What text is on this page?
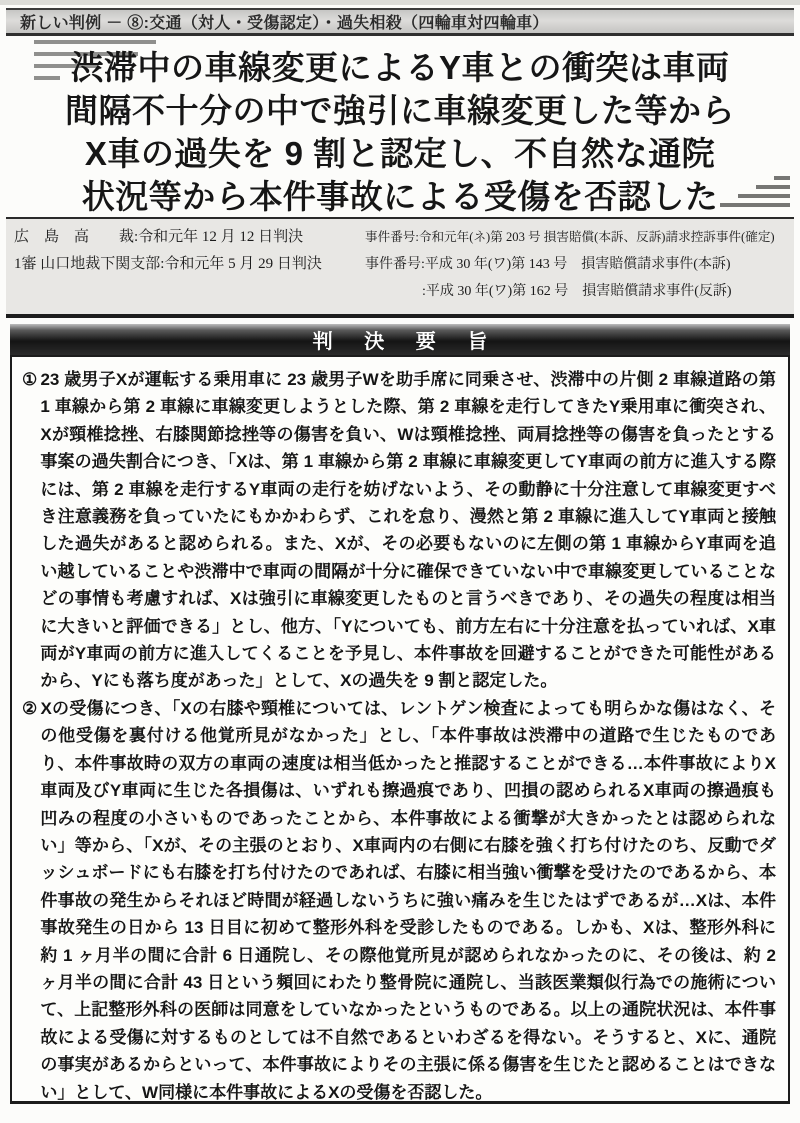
新しい判例 － ⑧:交通（対人・受傷認定）・過失相殺（四輪車対四輪車）
渋滞中の車線変更によるY車との衝突は車両
間隔不十分の中で強引に車線変更した等から
X車の過失を 9 割と認定し、不自然な通院
状況等から本件事故による受傷を否認した
広　島　高　　裁:令和元年 12 月 12 日判決
1審 山口地裁下関支部:令和元年 5 月 29 日判決
事件番号:令和元年(ネ)第 203 号 損害賠償(本訴、反訴)請求控訴事件(確定)
事件番号:平成 30 年(ワ)第 143 号　損害賠償請求事件(本訴)
:平成 30 年(ワ)第 162 号　損害賠償請求事件(反訴)
判 決 要 旨

① 23 歳男子Xが運転する乗用車に 23 歳男子Wを助手席に同乗させ、渋滞中の片側 2 車線道路の第 1 車線から第 2 車線に車線変更しようとした際、第 2 車線を走行してきたY乗用車に衝突され、Xが頸椎捻挫、右膝関節捻挫等の傷害を負い、Wは頸椎捻挫、両肩捻挫等の傷害を負ったとする事案の過失割合につき、「Xは、第 1 車線から第 2 車線に車線変更してY車両の前方に進入する際には、第 2 車線を走行するY車両の走行を妨げないよう、その動静に十分注意して車線変更すべき注意義務を負っていたにもかかわらず、これを怠り、漫然と第 2 車線に進入してY車両と接触した過失があると認められる。また、Xが、その必要もないのに左側の第 1 車線からY車両を追い越していることや渋滞中で車両の間隔が十分に確保できていない中で車線変更していることなどの事情も考慮すれば、Xは強引に車線変更したものと言うべきであり、その過失の程度は相当に大きいと評価できる」とし、他方、「Yについても、前方左右に十分注意を払っていれば、X車両がY車両の前方に進入してくることを予見し、本件事故を回避することができた可能性があるから、Yにも落ち度があった」として、Xの過失を 9 割と認定した。

② Xの受傷につき、「Xの右膝や頸椎については、レントゲン検査によっても明らかな傷はなく、その他受傷を裏付ける他覚所見がなかった」とし、「本件事故は渋滞中の道路で生じたものであり、本件事故時の双方の車両の速度は相当低かったと推認することができる…本件事故によりX車両及びY車両に生じた各損傷は、いずれも擦過痕であり、凹損の認められるX車両の擦過痕も凹みの程度の小さいものであったことから、本件事故による衝撃が大きかったとは認められない」等から、「Xが、その主張のとおり、X車両内の右側に右膝を強く打ち付けたのち、反動でダッシュボードにも右膝を打ち付けたのであれば、右膝に相当強い衝撃を受けたのであるから、本件事故の発生からそれほど時間が経過しないうちに強い痛みを生じたはずであるが…Xは、本件事故発生の日から 13 日目に初めて整形外科を受診したものである。しかも、Xは、整形外科に約 1 ヶ月半の間に合計 6 日通院し、その際他覚所見が認められなかったのに、その後は、約 2 ヶ月半の間に合計 43 日という頻回にわたり整骨院に通院し、当該医業類似行為での施術について、上記整形外科の医師は同意をしていなかったというものである。以上の通院状況は、本件事故による受傷に対するものとしては不自然であるといわざるを得ない。そうすると、Xに、通院の事実があるからといって、本件事故によりその主張に係る傷害を生じたと認めることはできない」として、W同様に本件事故によるXの受傷を否認した。
